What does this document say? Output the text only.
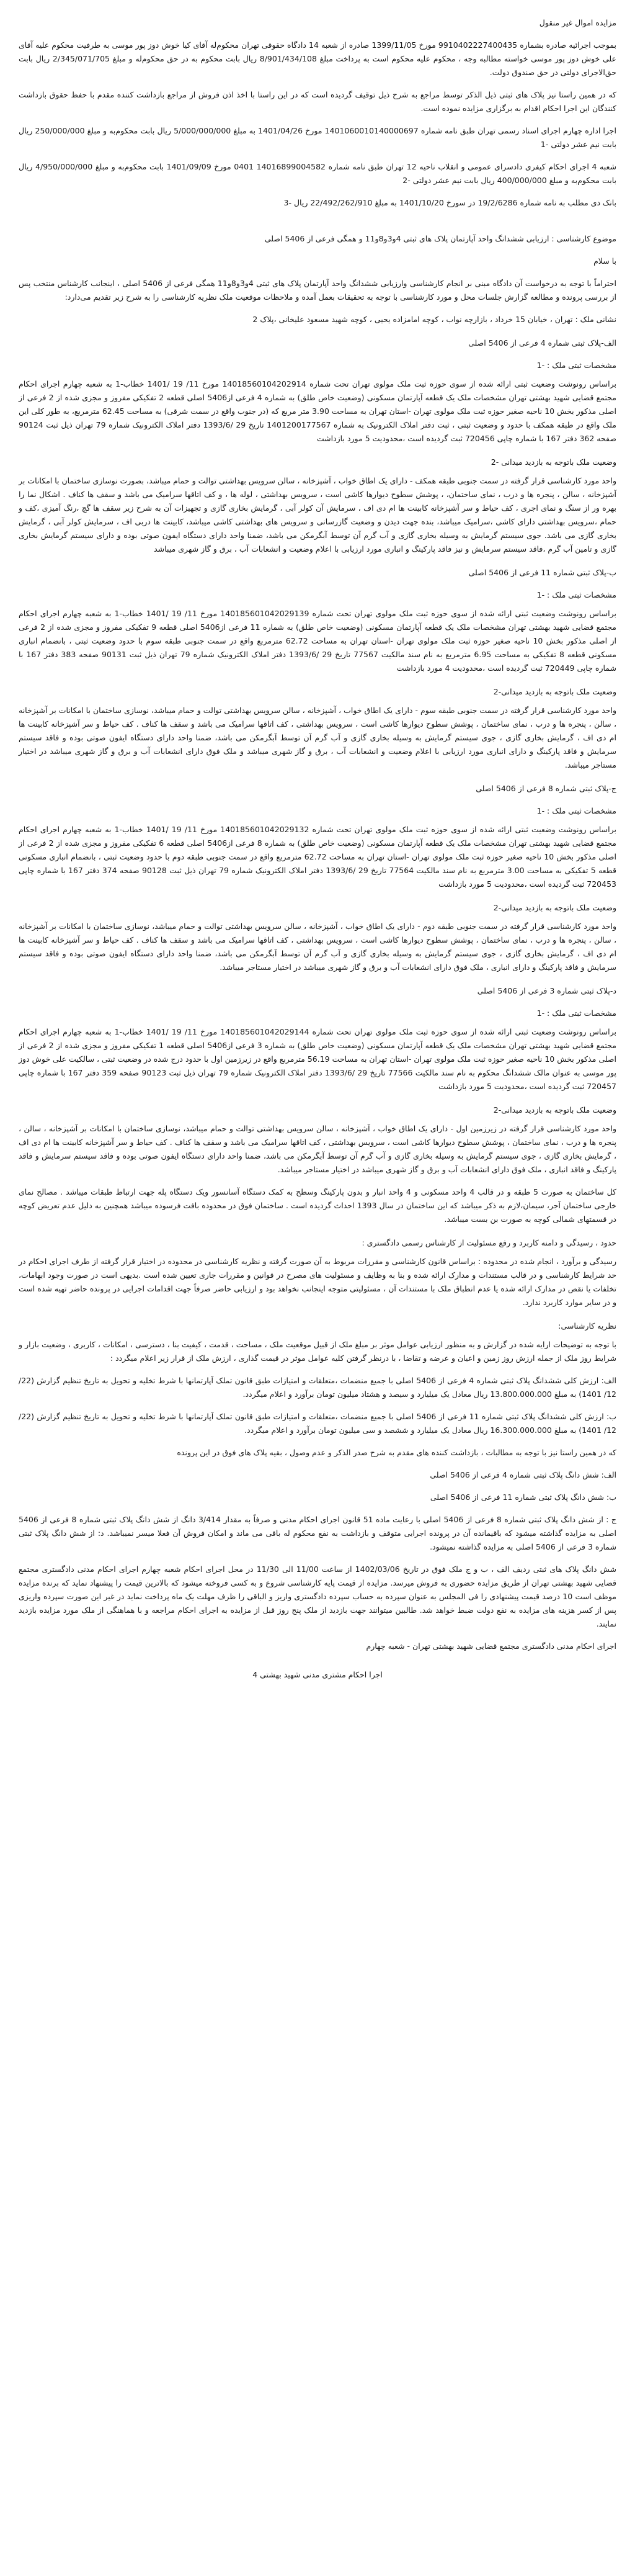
مزایده اموال غیر منقول

بموجب اجرائیه صادره بشماره 9910402227400435 مورخ 1399/11/05 صادره از شعبه 14 دادگاه حقوقی تهران محکوم‌له آقای کیا خوش دوز پور موسی به طرفیت محکوم علیه آقای علی خوش دوز پور موسی خواسته مطالبه وجه ، محکوم علیه محکوم است به پرداخت مبلغ 8/901/434/108 ریال بابت محکوم به در حق محکوم‌له و مبلغ 2/345/071/705 ریال بابت حق‌الاجرای دولتی در حق صندوق دولت.

که در همین راستا نیز پلاک های ثبتی ذیل الذکر توسط مراجع به شرح ذیل توقیف گردیده است که در این راستا با اخذ اذن فروش از مراجع بازداشت کننده مقدم با حفظ حقوق بازداشت کنندگان این اجرا احکام اقدام به برگزاری مزایده نموده است.

اجرا اداره چهارم اجرای اسناد رسمی تهران طبق نامه شماره 1401060010140000697 مورخ 1401/04/26 به مبلغ 5/000/000/000 ریال بابت محکوم‌به و مبلغ 250/000/000 ریال بابت نیم عشر دولتی -1

شعبه 4 اجرای احکام کیفری دادسرای عمومی و انقلاب ناحیه 12 تهران طبق نامه شماره 14016899004582 0401 مورخ 1401/09/09 بابت محکوم‌به و مبلغ 4/950/000/000 ریال بابت محکوم‌به و مبلغ 400/000/000 ریال بابت نیم عشر دولتی -2

بانک دی مطلب به نامه شماره 19/2/6286 در سورخ 1401/10/20 به مبلغ 22/492/262/910 ریال -3

موضوع کارشناسی : ارزیابی ششدانگ واحد آپارتمان پلاک های ثبتی 4و3و8و11 و همگی فرعی از 5406 اصلی

با سلام

احتراماً با توجه به درخواست آن دادگاه مبنی بر انجام کارشناسی وارزیابی ششدانگ واحد آپارتمان پلاک های ثبتی 4و3و8و11 همگی فرعی از 5406 اصلی ، اینجانب کارشناس منتخب پس از بررسی پرونده و مطالعه گزارش جلسات محل و مورد کارشناسی با توجه به تحقیقات بعمل آمده و ملاحظات موقعیت ملک نظریه کارشناسی را به شرح زیر تقدیم می‌دارد:

نشانی ملک : تهران ، خیابان 15 خرداد ، بازارچه نواب ، کوچه امامزاده یحیی ، کوچه شهید مسعود علیخانی ،پلاک 2

الف-پلاک ثبتی شماره 4 فرعی از 5406 اصلی

مشخصات ثبتی ملک : -1

براساس رونوشت وضعیت ثبتی ارائه شده از سوی حوزه ثبت ملک مولوی تهران تحت شماره 14018560104202914 مورخ 11/ 19 /1401 خطاب-1 به شعبه چهارم اجرای احکام مجتمع قضایی شهید بهشتی تهران مشخصات ملک یک قطعه آپارتمان مسکونی (وضعیت خاص طلق) به شماره 4 فرعی از5406 اصلی قطعه 2 تفکیکی مفروز و مجزی شده از 2 فرعی از اصلی مذکور بخش 10 ناحیه صغیر حوزه ثبت ملک مولوی تهران -استان تهران به مساحت 3.90 متر مربع که (در جنوب واقع در سمت شرقی) به مساحت 62.45 مترمربع، به طور کلی این ملک واقع در طبقه همکف با حدود و وضعیت ثبتی ، ثبت دفتر املاک الکترونیک به شماره 1401200177567 تاریخ 29 /1393/6 دفتر املاک الکترونیک شماره 79 تهران ذیل ثبت 90124 صفحه 362 دفتر 167 با شماره چاپی 720456 ثبت گردیده است ،محدودیت 5 مورد بازداشت

وضعیت ملک باتوجه به بازدید میدانی -2

واحد مورد کارشناسی قرار گرفته در سمت جنوبی طبقه همکف - دارای یک اطاق خواب ، آشپزخانه ، سالن سرویس بهداشتی توالت و حمام میباشد، بصورت نوسازی ساختمان با امکانات بر آشپزخانه ، سالن ، پنجره ها و درب ، نمای ساختمان، ، پوشش سطوح دیوارها کاشی است ، سرویس بهداشتی ، لوله ها ، و کف اتاقها سرامیک می باشد و سقف ها کناف . اشکال نما را بهره ور از سنگ و نمای اجری ، کف حیاط و سر آشپزخانه کابینت ها ام دی اف ، سرمایش آن کولر آبی ، گرمایش بخاری گازی و تجهیزات آن به شرح زیر سقف ها گچ ،رنگ آمیزی ،کف و حمام ،سرویس بهداشتی دارای کاشی ،سرامیک میباشد، بنده جهت دیدن و وضعیت گازرسانی و سرویس های بهداشتی کاشی میباشد، کابینت ها دربی اف ، سرمایش کولر آبی ، گرمایش بخاری گازی می باشد. جوی سیستم گرمایش به وسیله بخاری گازی و آب گرم آن توسط آبگرمکن می باشد، ضمنا واحد دارای دستگاه ایفون صوتی بوده و دارای سیستم گرمایش بخاری گازی و تامین آب گرم ،فاقد سیستم سرمایش و نیز فاقد پارکینگ و انباری مورد ارزیابی با اعلام وضعیت و انشعابات آب ، برق و گاز شهری میباشد

ب-پلاک ثبتی شماره 11 فرعی از 5406 اصلی

مشخصات ثبتی ملک : -1

براساس رونوشت وضعیت ثبتی ارائه شده از سوی حوزه ثبت ملک مولوی تهران تحت شماره 140185601042029139 مورخ 11/ 19 /1401 خطاب-1 به شعبه چهارم اجرای احکام مجتمع قضایی شهید بهشتی تهران مشخصات ملک یک قطعه آپارتمان مسکونی (وضعیت خاص طلق) به شماره 11 فرعی از5406 اصلی قطعه 9 تفکیکی مفروز و مجزی شده از 2 فرعی از اصلی مذکور بخش 10 ناحیه صغیر حوزه ثبت ملک مولوی تهران -استان تهران به مساحت 62.72 مترمربع واقع در سمت جنوبی طبقه سوم با حدود وضعیت ثبتی ، بانضمام انباری مسکونی قطعه 8 تفکیکی به مساحت 6.95 مترمربع به نام سند مالکیت 77567 تاریخ 29 /1393/6 دفتر املاک الکترونیک شماره 79 تهران ذیل ثبت 90131 صفحه 383 دفتر 167 با شماره چاپی 720449 ثبت گردیده است ،محدودیت 4 مورد بازداشت

وضعیت ملک باتوجه به بازدید میدانی-2

واحد مورد کارشناسی قرار گرفته در سمت جنوبی طبقه سوم - دارای یک اطاق خواب ، آشپزخانه ، سالن سرویس بهداشتی توالت و حمام میباشد، نوسازی ساختمان با امکانات بر آشپزخانه ، سالن ، پنجره ها و درب ، نمای ساختمان ، پوشش سطوح دیوارها کاشی است ، سرویس بهداشتی ، کف اتاقها سرامیک می باشد و سقف ها کناف . کف حیاط و سر آشپزخانه کابینت ها ام دی اف ، گرمایش بخاری گازی ، جوی سیستم گرمایش به وسیله بخاری گازی و آب گرم آن توسط آبگرمکن می باشد، ضمنا واحد دارای دستگاه ایفون صوتی بوده و فاقد سیستم سرمایش و فاقد پارکینگ و دارای انباری مورد ارزیابی با اعلام وضعیت و انشعابات آب ، برق و گاز شهری میباشد و ملک فوق دارای انشعابات آب و برق و گاز شهری میباشد در اختیار مستاجر میباشد.

ج-پلاک ثبتی شماره 8 فرعی از 5406 اصلی

مشخصات ثبتی ملک : -1

براساس رونوشت وضعیت ثبتی ارائه شده از سوی حوزه ثبت ملک مولوی تهران تحت شماره 140185601042029132 مورخ 11/ 19 /1401 خطاب-1 به شعبه چهارم اجرای احکام مجتمع قضایی شهید بهشتی تهران مشخصات ملک یک قطعه آپارتمان مسکونی (وضعیت خاص طلق) به شماره 8 فرعی از5406 اصلی قطعه 6 تفکیکی مفروز و مجزی شده از 2 فرعی از اصلی مذکور بخش 10 ناحیه صغیر حوزه ثبت ملک مولوی تهران -استان تهران به مساحت 62.72 مترمربع واقع در سمت جنوبی طبقه دوم با حدود وضعیت ثبتی ، بانضمام انباری مسکونی قطعه 5 تفکیکی به مساحت 3.00 مترمربع به نام سند مالکیت 77564 تاریخ 29 /1393/6 دفتر املاک الکترونیک شماره 79 تهران ذیل ثبت 90128 صفحه 374 دفتر 167 با شماره چاپی 720453 ثبت گردیده است ،محدودیت 5 مورد بازداشت

وضعیت ملک باتوجه به بازدید میدانی-2

واحد مورد کارشناسی قرار گرفته در سمت جنوبی طبقه دوم - دارای یک اطاق خواب ، آشپزخانه ، سالن سرویس بهداشتی توالت و حمام میباشد، نوسازی ساختمان با امکانات بر آشپزخانه ، سالن ، پنجره ها و درب ، نمای ساختمان ، پوشش سطوح دیوارها کاشی است ، سرویس بهداشتی ، کف اتاقها سرامیک می باشد و سقف ها کناف . کف حیاط و سر آشپزخانه کابینت ها ام دی اف ، گرمایش بخاری گازی ، جوی سیستم گرمایش به وسیله بخاری گازی و آب گرم آن توسط آبگرمکن می باشد، ضمنا واحد دارای دستگاه ایفون صوتی بوده و فاقد سیستم سرمایش و فاقد پارکینگ و دارای انباری ، ملک فوق دارای انشعابات آب و برق و گاز شهری میباشد در اختیار مستاجر میباشد.

د-پلاک ثبتی شماره 3 فرعی از 5406 اصلی

مشخصات ثبتی ملک : -1

براساس رونوشت وضعیت ثبتی ارائه شده از سوی حوزه ثبت ملک مولوی تهران تحت شماره 140185601042029144 مورخ 11/ 19 /1401 خطاب-1 به شعبه چهارم اجرای احکام مجتمع قضایی شهید بهشتی تهران مشخصات ملک یک قطعه آپارتمان مسکونی (وضعیت خاص طلق) به شماره 3 فرعی از5406 اصلی قطعه 1 تفکیکی مفروز و مجزی شده از 2 فرعی از اصلی مذکور بخش 10 ناحیه صغیر حوزه ثبت ملک مولوی تهران -استان تهران به مساحت 56.19 مترمربع واقع در زیرزمین اول با حدود درج شده در وضعیت ثبتی ، سالکیت علی خوش دوز پور موسی به عنوان مالک ششدانگ محکوم به نام سند مالکیت 77566 تاریخ 29 /1393/6 دفتر املاک الکترونیک شماره 79 تهران ذیل ثبت 90123 صفحه 359 دفتر 167 با شماره چاپی 720457 ثبت گردیده است ،محدودیت 5 مورد بازداشت

وضعیت ملک باتوجه به بازدید میدانی-2

واحد مورد کارشناسی قرار گرفته در زیرزمین اول - دارای یک اطاق خواب ، آشپزخانه ، سالن سرویس بهداشتی توالت و حمام میباشد، نوسازی ساختمان با امکانات بر آشپزخانه ، سالن ، پنجره ها و درب ، نمای ساختمان ، پوشش سطوح دیوارها کاشی است ، سرویس بهداشتی ، کف اتاقها سرامیک می باشد و سقف ها کناف . کف حیاط و سر آشپزخانه کابینت ها ام دی اف ، گرمایش بخاری گازی ، جوی سیستم گرمایش به وسیله بخاری گازی و آب گرم آن توسط آبگرمکن می باشد، ضمنا واحد دارای دستگاه ایفون صوتی بوده و فاقد سیستم سرمایش و فاقد پارکینگ و فاقد انباری ، ملک فوق دارای انشعابات آب و برق و گاز شهری میباشد در اختیار مستاجر میباشد.

کل ساختمان به صورت 5 طبقه و در قالب 4 واحد مسکونی و 4 واحد انبار و بدون پارکینگ وسطح به کمک دستگاه آسانسور ویک دستگاه پله جهت ارتباط طبقات میباشد . مصالح نمای خارجی ساختمان آجر، سیمان،لازم به ذکر میباشد که این ساختمان در سال 1393 احداث گردیده است . ساختمان فوق در محدوده بافت فرسوده میباشد همچنین به دلیل عدم تعریض کوچه در قسمتهای شمالی کوچه به صورت بن بست میباشد.

حدود ، رسیدگی و دامنه کاربرد و رفع مسئولیت از کارشناس رسمی دادگستری :

رسیدگی و برآورد ، انجام شده در محدوده : براساس قانون کارشناسی و مقررات مربوط به آن صورت گرفته و نظریه کارشناسی در محدوده در اختیار قرار گرفته از طرف اجرای احکام در حد شرایط کارشناسی و در قالب مستندات و مدارک ارائه شده و بنا به وظایف و مسئولیت های مصرح در قوانین و مقررات جاری تعیین شده است .بدیهی است در صورت وجود ابهامات، تخلفات یا نقص در مدارک ارائه شده یا عدم انطباق ملک با مستندات آن ، مسئولیتی متوجه اینجانب نخواهد بود و ارزیابی حاضر صرفاً جهت اقدامات اجرایی در پرونده حاضر تهیه شده است و در سایر موارد کاربرد ندارد.

نظریه کارشناسی:

با توجه به توضیحات ارایه شده در گزارش و به منظور ارزیابی عوامل موثر بر مبلغ ملک از قبیل موقعیت ملک ، مساحت ، قدمت ، کیفیت بنا ، دسترسی ، امکانات ، کاربری ، وضعیت بازار و شرایط روز ملک از جمله ارزش روز زمین و اعیان و عرضه و تقاضا ، با درنظر گرفتن کلیه عوامل موثر در قیمت گذاری ، ارزش ملک از قرار زیر اعلام میگردد :

الف: ارزش کلی ششدانگ پلاک ثبتی شماره 4 فرعی از 5406 اصلی با جمیع منضمات ،متعلقات و امتیازات طبق قانون تملک آپارتمانها با شرط تخلیه و تحویل به تاریخ تنظیم گزارش (22/ 12/ 1401) به مبلغ 13.800.000.000 ریال معادل یک میلیارد و سیصد و هشتاد میلیون تومان برآورد و اعلام میگردد.

ب: ارزش کلی ششدانگ پلاک ثبتی شماره 11 فرعی از 5406 اصلی با جمیع منضمات ،متعلقات و امتیازات طبق قانون تملک آپارتمانها با شرط تخلیه و تحویل به تاریخ تنظیم گزارش (22/ 12/ 1401) به مبلغ 16.300.000.000 ریال معادل یک میلیارد و ششصد و سی میلیون تومان برآورد و اعلام میگردد.

که در همین راستا نیز با توجه به مطالبات ، بازداشت کننده های مقدم به شرح صدر الذکر و عدم وصول ، بقیه پلاک های فوق در این پرونده

الف: شش دانگ پلاک ثبتی شماره 4 فرعی از 5406 اصلی

ب: شش دانگ پلاک ثبتی شماره 11 فرعی از 5406 اصلی

ج : از شش دانگ پلاک ثبتی شماره 8 فرعی از 5406 اصلی با رعایت ماده 51 قانون اجرای احکام مدنی و صرفاً به مقدار 3/414 دانگ از شش دانگ پلاک ثبتی شماره 8 فرعی از 5406 اصلی به مزایده گذاشته میشود که باقیمانده آن در پرونده اجرایی متوقف و بازداشت به نفع محکوم له باقی می ماند و امکان فروش آن فعلا میسر نمیباشد. د: از شش دانگ پلاک ثبتی شماره 3 فرعی از 5406 اصلی به مزایده گذاشته نمیشود.

شش دانگ پلاک های ثبتی ردیف الف ، ب و ج ملک فوق در تاریخ 1402/03/06 از ساعت 11/00 الی 11/30 در محل اجرای احکام شعبه چهارم اجرای احکام مدنی دادگستری مجتمع قضایی شهید بهشتی تهران از طریق مزایده حضوری به فروش میرسد. مزایده از قیمت پایه کارشناسی شروع و به کسی فروخته میشود که بالاترین قیمت را پیشنهاد نماید که برنده مزایده موظف است 10 درصد قیمت پیشنهادی را فی المجلس به عنوان سپرده به حساب سپرده دادگستری واریز و الباقی را ظرف مهلت یک ماه پرداخت نماید در غیر این صورت سپرده واریزی پس از کسر هزینه های مزایده به نفع دولت ضبط خواهد شد. طالبین میتوانند جهت بازدید از ملک پنج روز قبل از مزایده به اجرای احکام مراجعه و با هماهنگی از ملک مورد مزایده بازدید نمایند.

اجرای احکام مدنی دادگستری مجتمع قضایی شهید بهشتی تهران - شعبه چهارم

اجرا احکام مشتری مدنی شهید بهشتی 4
